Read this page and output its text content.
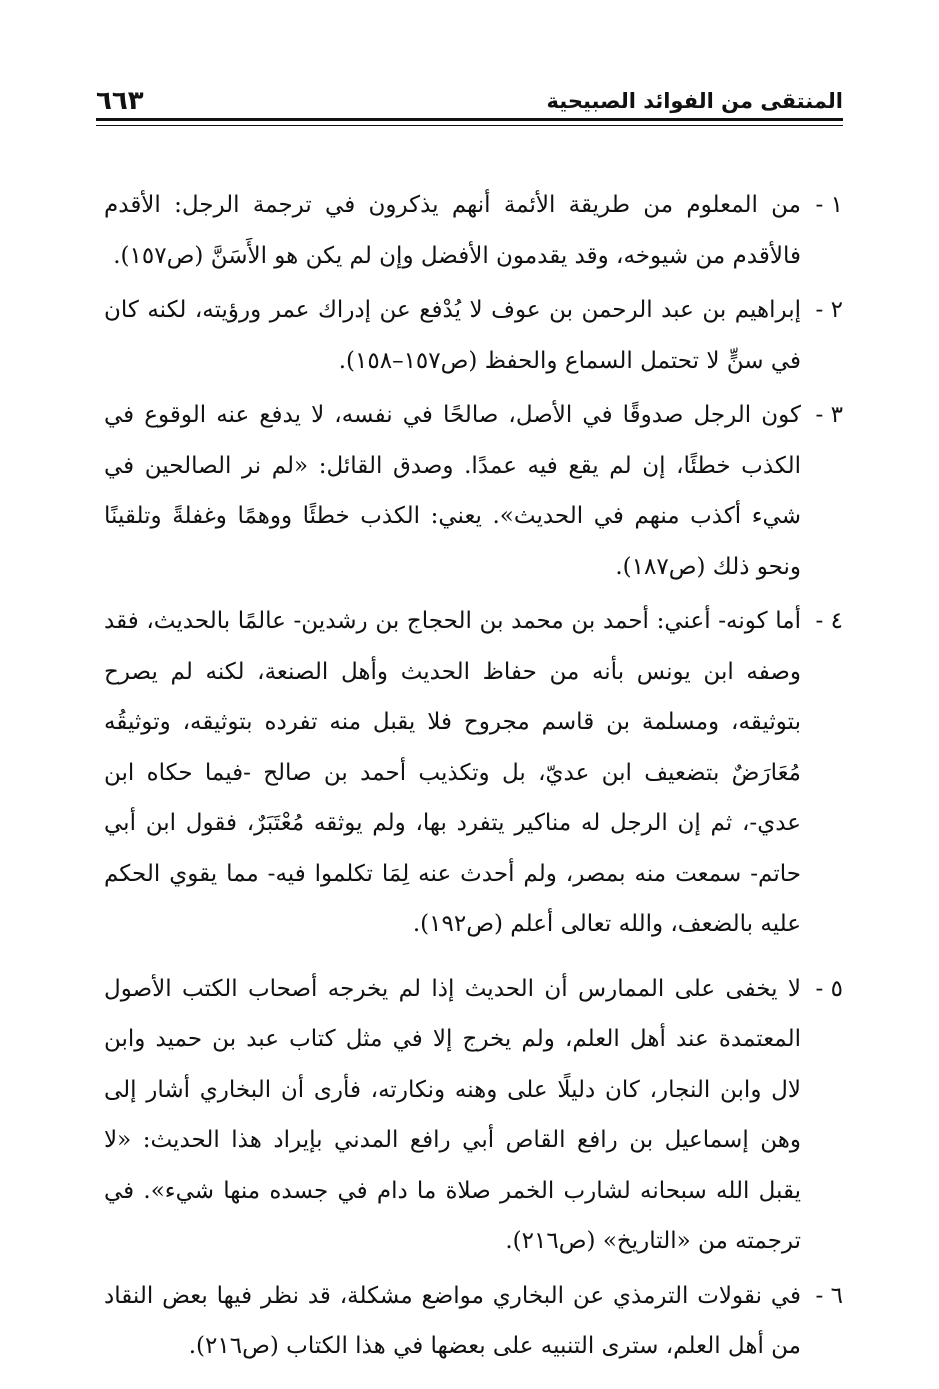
المنتقى من الفوائد الصبيحية
٦٦٣
١ -
من المعلوم من طريقة الأئمة أنهم يذكرون في ترجمة الرجل: الأقدم فالأقدم من شيوخه، وقد يقدمون الأفضل وإن لم يكن هو الأَسَنَّ (ص١٥٧).
٢ -
إبراهيم بن عبد الرحمن بن عوف لا يُدْفع عن إدراك عمر ورؤيته، لكنه كان في سنٍّ لا تحتمل السماع والحفظ (ص١٥٧–١٥٨).
٣ -
كون الرجل صدوقًا في الأصل، صالحًا في نفسه، لا يدفع عنه الوقوع في الكذب خطئًا، إن لم يقع فيه عمدًا. وصدق القائل: «لم نر الصالحين في شيء أكذب منهم في الحديث». يعني: الكذب خطئًا ووهمًا وغفلةً وتلقينًا ونحو ذلك (ص١٨٧).
٤ -
أما كونه- أعني: أحمد بن محمد بن الحجاج بن رشدين- عالمًا بالحديث، فقد وصفه ابن يونس بأنه من حفاظ الحديث وأهل الصنعة، لكنه لم يصرح بتوثيقه، ومسلمة بن قاسم مجروح فلا يقبل منه تفرده بتوثيقه، وتوثيقُه مُعَارَضٌ بتضعيف ابن عديّ، بل وتكذيب أحمد بن صالح -فيما حكاه ابن عدي-، ثم إن الرجل له مناكير يتفرد بها، ولم يوثقه مُعْتَبَرٌ، فقول ابن أبي حاتم- سمعت منه بمصر، ولم أحدث عنه لِمَا تكلموا فيه- مما يقوي الحكم عليه بالضعف، والله تعالى أعلم (ص١٩٢).
٥ -
لا يخفى على الممارس أن الحديث إذا لم يخرجه أصحاب الكتب الأصول المعتمدة عند أهل العلم، ولم يخرج إلا في مثل كتاب عبد بن حميد وابن لال وابن النجار، كان دليلًا على وهنه ونكارته، فأرى أن البخاري أشار إلى وهن إسماعيل بن رافع القاص أبي رافع المدني بإيراد هذا الحديث: «لا يقبل الله سبحانه لشارب الخمر صلاة ما دام في جسده منها شيء». في ترجمته من «التاريخ» (ص٢١٦).
٦ -
في نقولات الترمذي عن البخاري مواضع مشكلة، قد نظر فيها بعض النقاد من أهل العلم، سترى التنبيه على بعضها في هذا الكتاب (ص٢١٦).
